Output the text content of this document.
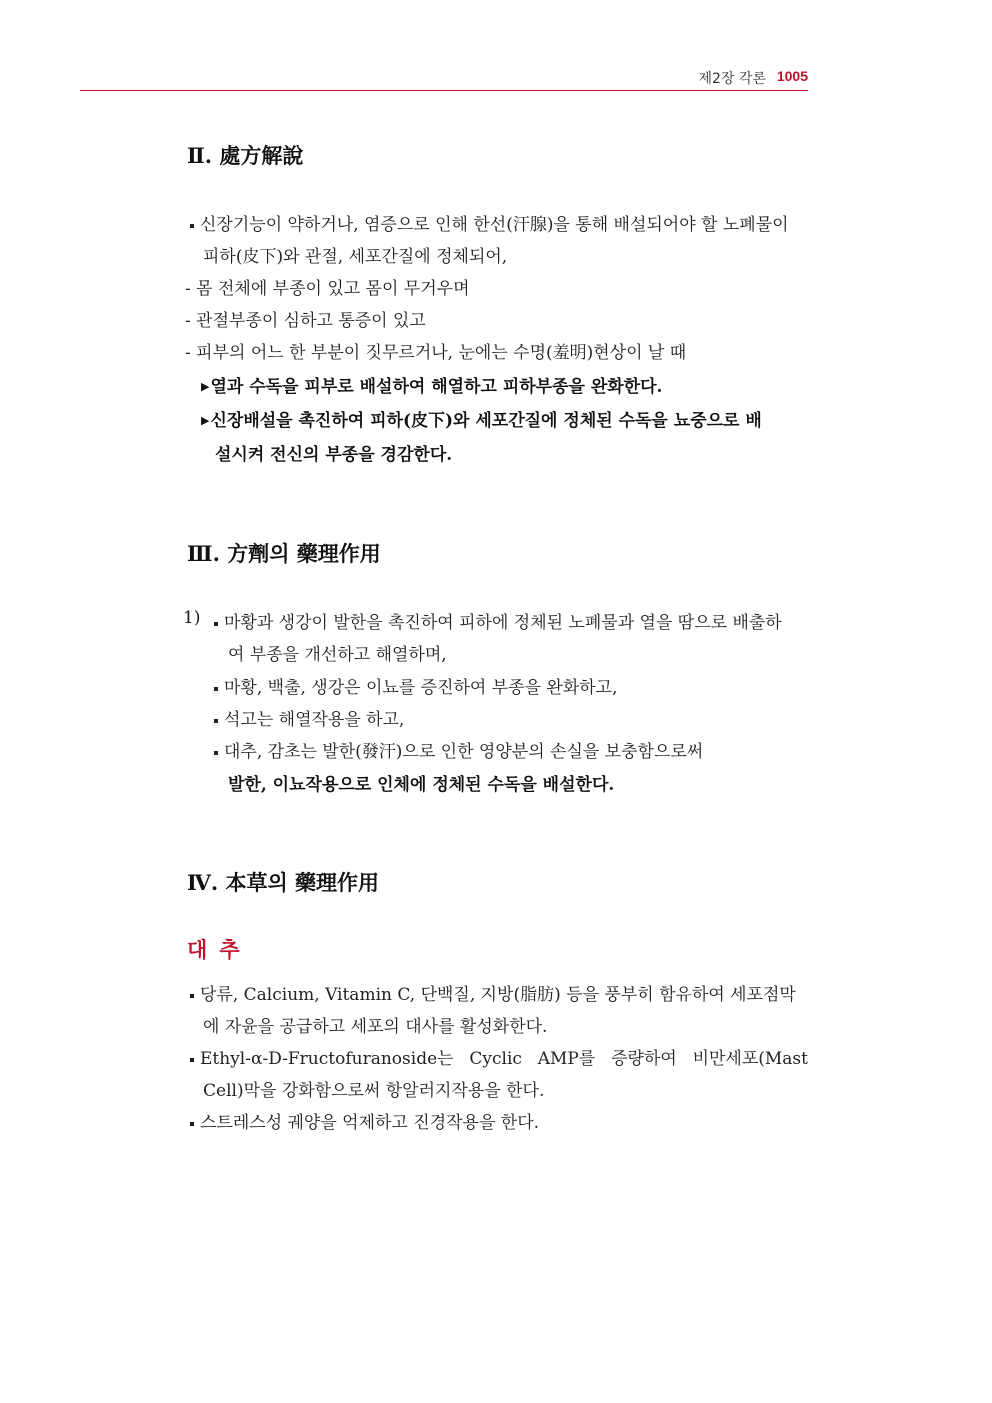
제2장 각론 1005
Ⅱ. 處方解說
신장기능이 약하거나, 염증으로 인해 한선(汗腺)을 통해 배설되어야 할 노폐물이
피하(皮下)와 관절, 세포간질에 정체되어,
- 몸 전체에 부종이 있고 몸이 무거우며
- 관절부종이 심하고 통증이 있고
- 피부의 어느 한 부분이 짓무르거나, 눈에는 수명(羞明)현상이 날 때
▶열과 수독을 피부로 배설하여 해열하고 피하부종을 완화한다.
▶신장배설을 촉진하여 피하(皮下)와 세포간질에 정체된 수독을 뇨중으로 배
설시켜 전신의 부종을 경감한다.
Ⅲ. 方劑의 藥理作用
1)	마황과 생강이 발한을 촉진하여 피하에 정체된 노폐물과 열을 땀으로 배출하
여 부종을 개선하고 해열하며,
마황, 백출, 생강은 이뇨를 증진하여 부종을 완화하고,
석고는 해열작용을 하고,
대추, 감초는 발한(發汗)으로 인한 영양분의 손실을 보충함으로써
발한, 이뇨작용으로 인체에 정체된 수독을 배설한다.
Ⅳ. 本草의 藥理作用
대추
당류, Calcium, Vitamin C, 단백질, 지방(脂肪) 등을 풍부히 함유하여 세포점막
에 자윤을 공급하고 세포의 대사를 활성화한다.
Ethyl-α-D-Fructofuranoside는 Cyclic AMP를 증량하여 비만세포(Mast
Cell)막을 강화함으로써 항알러지작용을 한다.
스트레스성 궤양을 억제하고 진경작용을 한다.
